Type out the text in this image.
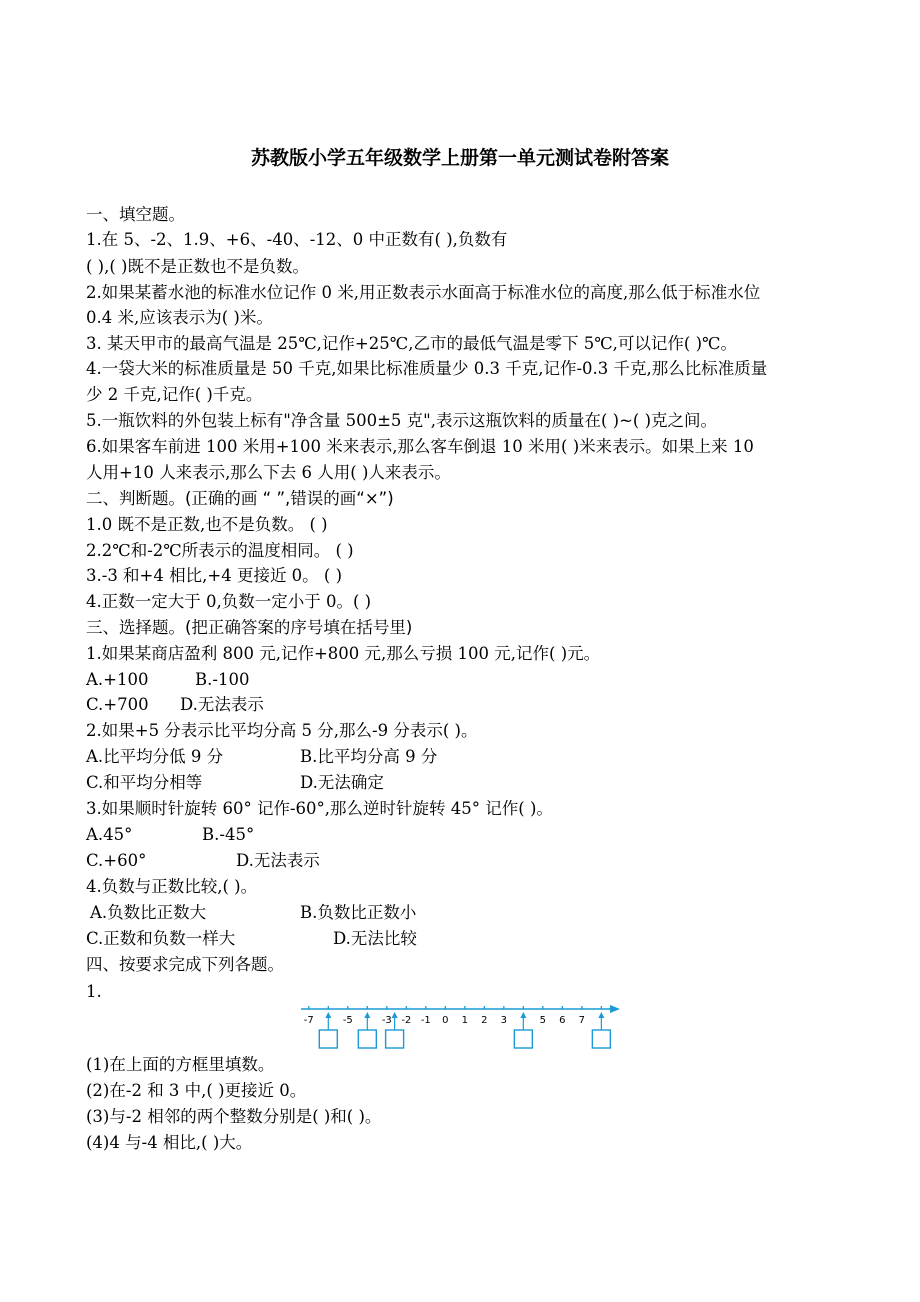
苏教版小学五年级数学上册第一单元测试卷附答案
一、填空题。
1.在 5、-2、1.9、+6、-40、-12、0 中正数有( ),负数有
( ),( )既不是正数也不是负数。
2.如果某蓄水池的标准水位记作 0 米,用正数表示水面高于标准水位的高度,那么低于标准水位
0.4 米,应该表示为( )米。
3. 某天甲市的最高气温是 25℃,记作+25℃,乙市的最低气温是零下 5℃,可以记作( )℃。
4.一袋大米的标准质量是 50 千克,如果比标准质量少 0.3 千克,记作-0.3 千克,那么比标准质量
少 2 千克,记作( )千克。
5.一瓶饮料的外包装上标有"净含量 500±5 克",表示这瓶饮料的质量在( )~( )克之间。
6.如果客车前进 100 米用+100 米来表示,那么客车倒退 10 米用( )米来表示。如果上来 10
人用+10 人来表示,那么下去 6 人用( )人来表示。
二、判断题。(正确的画 “ ”,错误的画“×”)
1.0 既不是正数,也不是负数。 ( )
2.2℃和-2℃所表示的温度相同。 ( )
3.-3 和+4 相比,+4 更接近 0。 ( )
4.正数一定大于 0,负数一定小于 0。( )
三、选择题。(把正确答案的序号填在括号里)
1.如果某商店盈利 800 元,记作+800 元,那么亏损 100 元,记作( )元。
A.+100	B.-100
C.+700 D.无法表示
2.如果+5 分表示比平均分高 5 分,那么-9 分表示( )。
A.比平均分低 9 分	B.比平均分高 9 分
C.和平均分相等	D.无法确定
3.如果顺时针旋转 60° 记作-60°,那么逆时针旋转 45° 记作( )。
A.45°	B.-45°
C.+60°	D.无法表示
4.负数与正数比较,( )。
A.负数比正数大	B.负数比正数小
C.正数和负数一样大	D.无法比较
四、按要求完成下列各题。
1.
-7	-5	-3 -2 -1 0 1 2 3	5 6 7
(1)在上面的方框里填数。
(2)在-2 和 3 中,( )更接近 0。
(3)与-2 相邻的两个整数分别是( )和( )。
(4)4 与-4 相比,( )大。
